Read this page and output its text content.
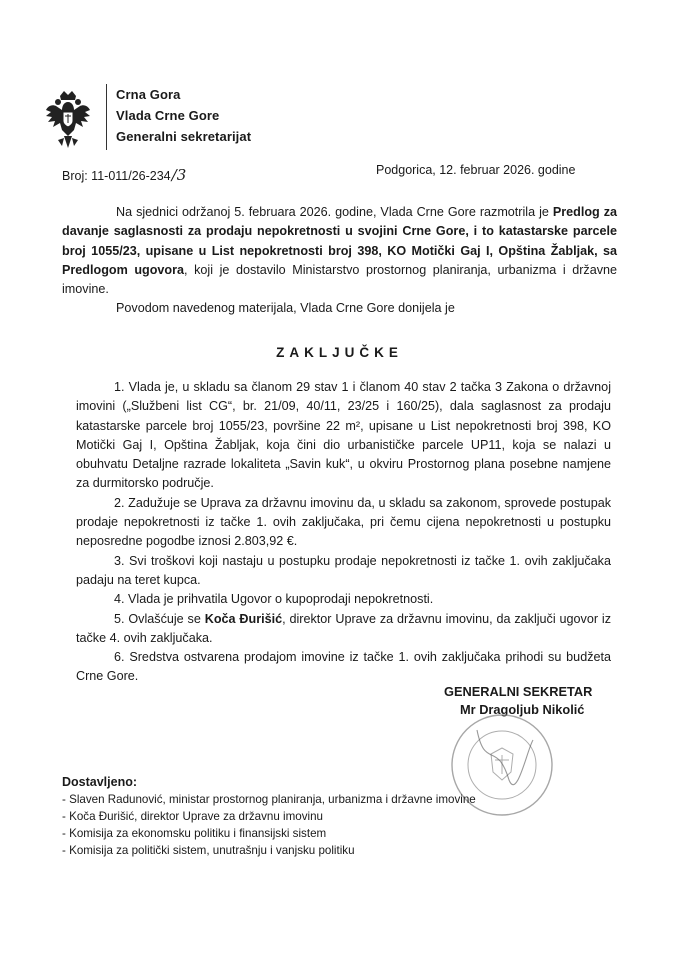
Crna Gora
Vlada Crne Gore
Generalni sekretarijat
Broj: 11-011/26-234/3	Podgorica, 12. februar 2026. godine

Na sjednici održanoj 5. februara 2026. godine, Vlada Crne Gore razmotrila je Predlog za davanje saglasnosti za prodaju nepokretnosti u svojini Crne Gore, i to katastarske parcele broj 1055/23, upisane u List nepokretnosti broj 398, KO Motički Gaj I, Opština Žabljak, sa Predlogom ugovora, koji je dostavilo Ministarstvo prostornog planiranja, urbanizma i državne imovine.

Povodom navedenog materijala, Vlada Crne Gore donijela je

ZAKLJUČKE

1. Vlada je, u skladu sa članom 29 stav 1 i članom 40 stav 2 tačka 3 Zakona o državnoj imovini („Službeni list CG“, br. 21/09, 40/11, 23/25 i 160/25), dala saglasnost za prodaju katastarske parcele broj 1055/23, površine 22 m², upisane u List nepokretnosti broj 398, KO Motički Gaj I, Opština Žabljak, koja čini dio urbanističke parcele UP11, koja se nalazi u obuhvatu Detaljne razrade lokaliteta „Savin kuk“, u okviru Prostornog plana posebne namjene za durmitorsko područje.

2. Zadužuje se Uprava za državnu imovinu da, u skladu sa zakonom, sprovede postupak prodaje nepokretnosti iz tačke 1. ovih zaključaka, pri čemu cijena nepokretnosti u postupku neposredne pogodbe iznosi 2.803,92 €.

3. Svi troškovi koji nastaju u postupku prodaje nepokretnosti iz tačke 1. ovih zaključaka padaju na teret kupca.

4. Vlada je prihvatila Ugovor o kupoprodaji nepokretnosti.

5. Ovlašćuje se Koča Đurišić, direktor Uprave za državnu imovinu, da zaključi ugovor iz tačke 4. ovih zaključaka.

6. Sredstva ostvarena prodajom imovine iz tačke 1. ovih zaključaka prihodi su budžeta Crne Gore.

GENERALNI SEKRETAR
Mr Dragoljub Nikolić
Dostavljeno:
- Slaven Radunović, ministar prostornog planiranja, urbanizma i državne imovine
- Koča Đurišić, direktor Uprave za državnu imovinu
- Komisija za ekonomsku politiku i finansijski sistem
- Komisija za politički sistem, unutrašnju i vanjsku politiku
